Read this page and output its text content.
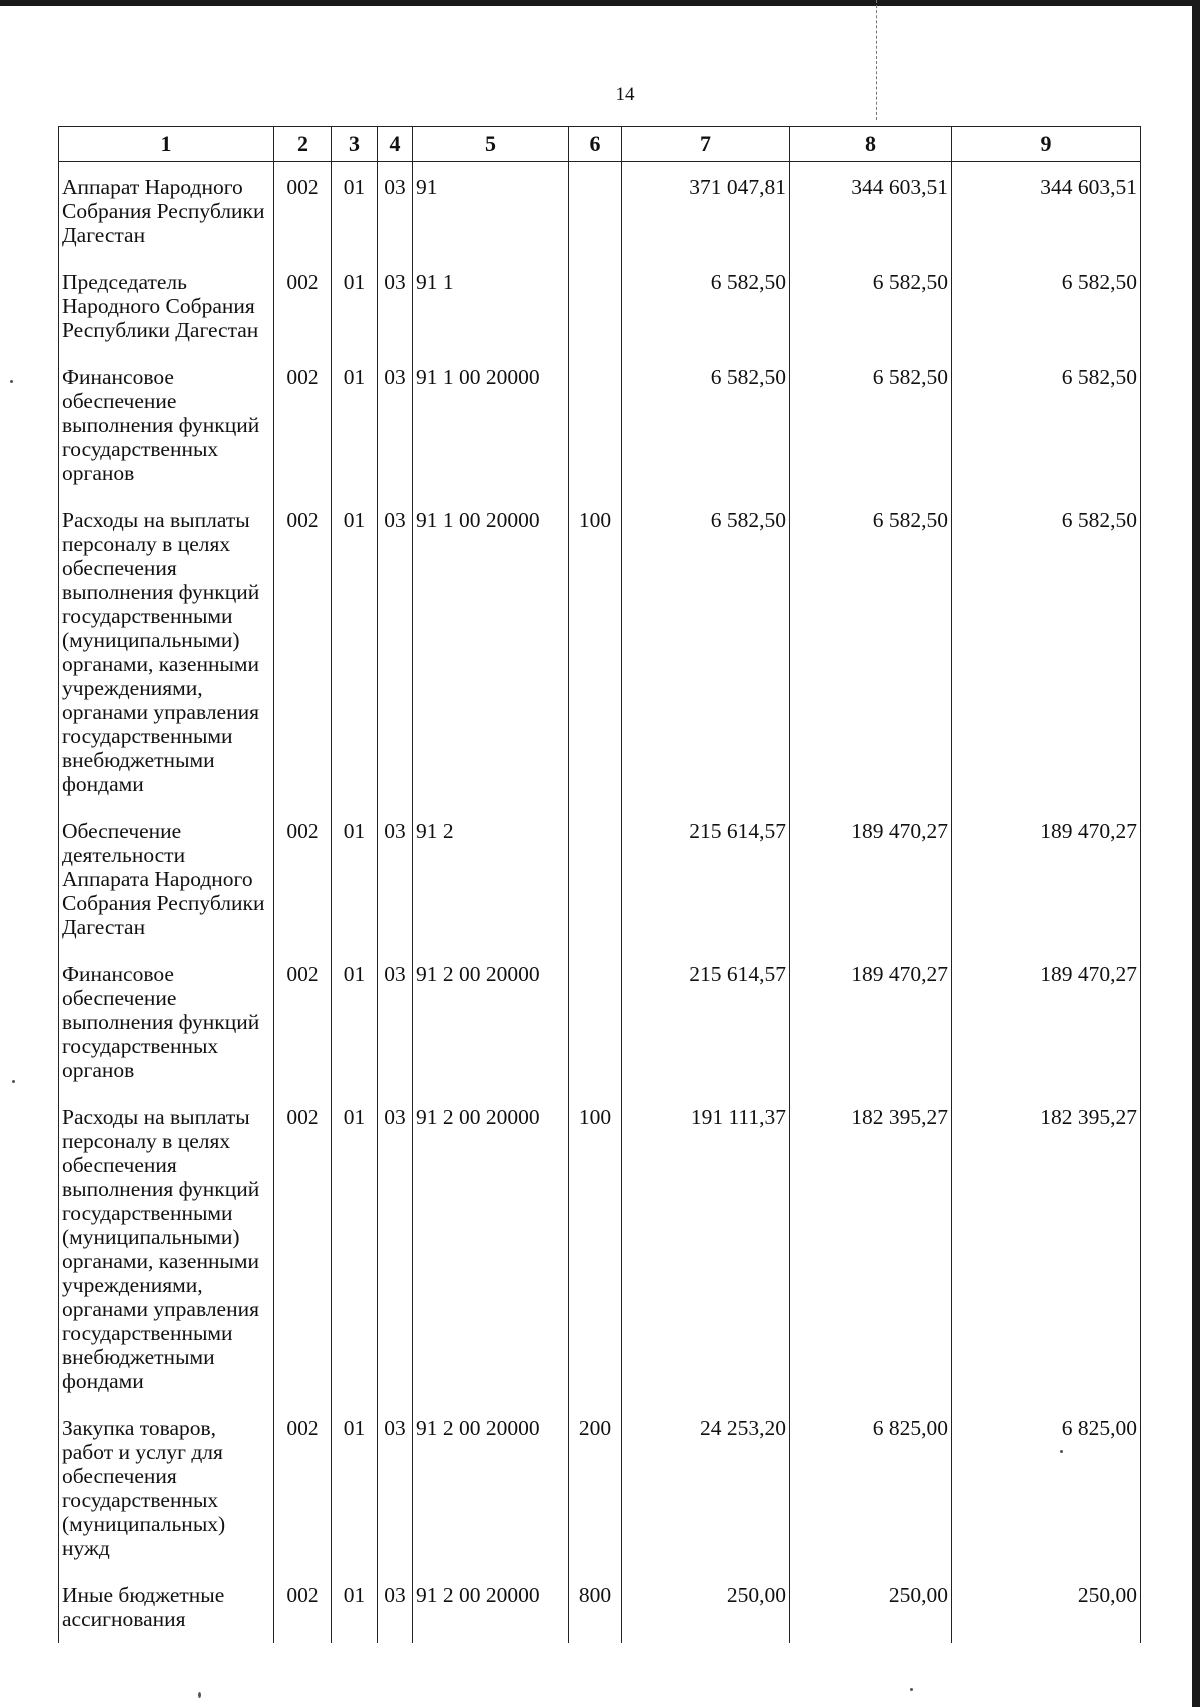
14
1	2	3	4	5	6	7	8	9
Аппарат Народного Собрания Республики Дагестан	002	01	03	91		371 047,81	344 603,51	344 603,51
Председатель Народного Собрания Республики Дагестан	002	01	03	91 1		6 582,50	6 582,50	6 582,50
Финансовое обеспечение выполнения функций государственных органов	002	01	03	91 1 00 20000		6 582,50	6 582,50	6 582,50
Расходы на выплаты персоналу в целях обеспечения выполнения функций государственными (муниципальными) органами, казенными учреждениями, органами управления государственными внебюджетными фондами	002	01	03	91 1 00 20000	100	6 582,50	6 582,50	6 582,50
Обеспечение деятельности Аппарата Народного Собрания Республики Дагестан	002	01	03	91 2		215 614,57	189 470,27	189 470,27
Финансовое обеспечение выполнения функций государственных органов	002	01	03	91 2 00 20000		215 614,57	189 470,27	189 470,27
Расходы на выплаты персоналу в целях обеспечения выполнения функций государственными (муниципальными) органами, казенными учреждениями, органами управления государственными внебюджетными фондами	002	01	03	91 2 00 20000	100	191 111,37	182 395,27	182 395,27
Закупка товаров, работ и услуг для обеспечения государственных (муниципальных) нужд	002	01	03	91 2 00 20000	200	24 253,20	6 825,00	6 825,00
Иные бюджетные ассигнования	002	01	03	91 2 00 20000	800	250,00	250,00	250,00
